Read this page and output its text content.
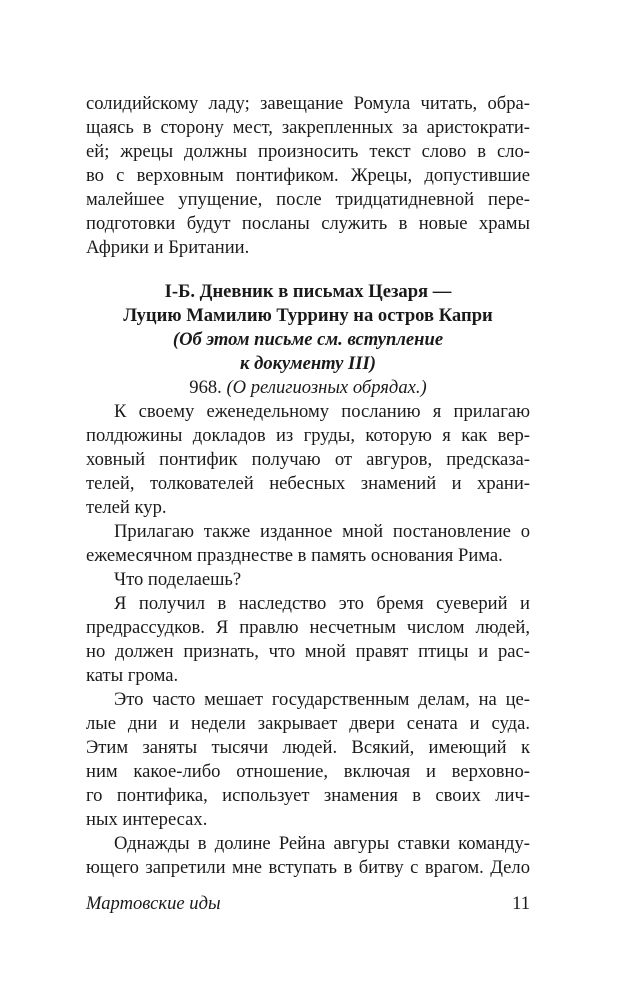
солидийскому ладу; завещание Ромула читать, обра-
щаясь в сторону мест, закрепленных за аристократи-
ей; жрецы должны произносить текст слово в сло-
во с верховным понтификом. Жрецы, допустившие
малейшее упущение, после тридцатидневной пере-
подготовки будут посланы служить в новые храмы
Африки и Британии.
I-Б. Дневник в письмах Цезаря —
Луцию Мамилию Туррину на остров Капри
(Об этом письме см. вступление
к документу III)
968. (О религиозных обрядах.)
К своему еженедельному посланию я прилагаю
полдюжины докладов из груды, которую я как вер-
ховный понтифик получаю от авгуров, предсказа-
телей, толкователей небесных знамений и храни-
телей кур.
Прилагаю также изданное мной постановление о
ежемесячном празднестве в память основания Рима.
Что поделаешь?
Я получил в наследство это бремя суеверий и
предрассудков. Я правлю несчетным числом людей,
но должен признать, что мной правят птицы и рас-
каты грома.
Это часто мешает государственным делам, на це-
лые дни и недели закрывает двери сената и суда.
Этим заняты тысячи людей. Всякий, имеющий к
ним какое-либо отношение, включая и верховно-
го понтифика, использует знамения в своих лич-
ных интересах.
Однажды в долине Рейна авгуры ставки команду-
ющего запретили мне вступать в битву с врагом. Дело
Мартовские иды	11
